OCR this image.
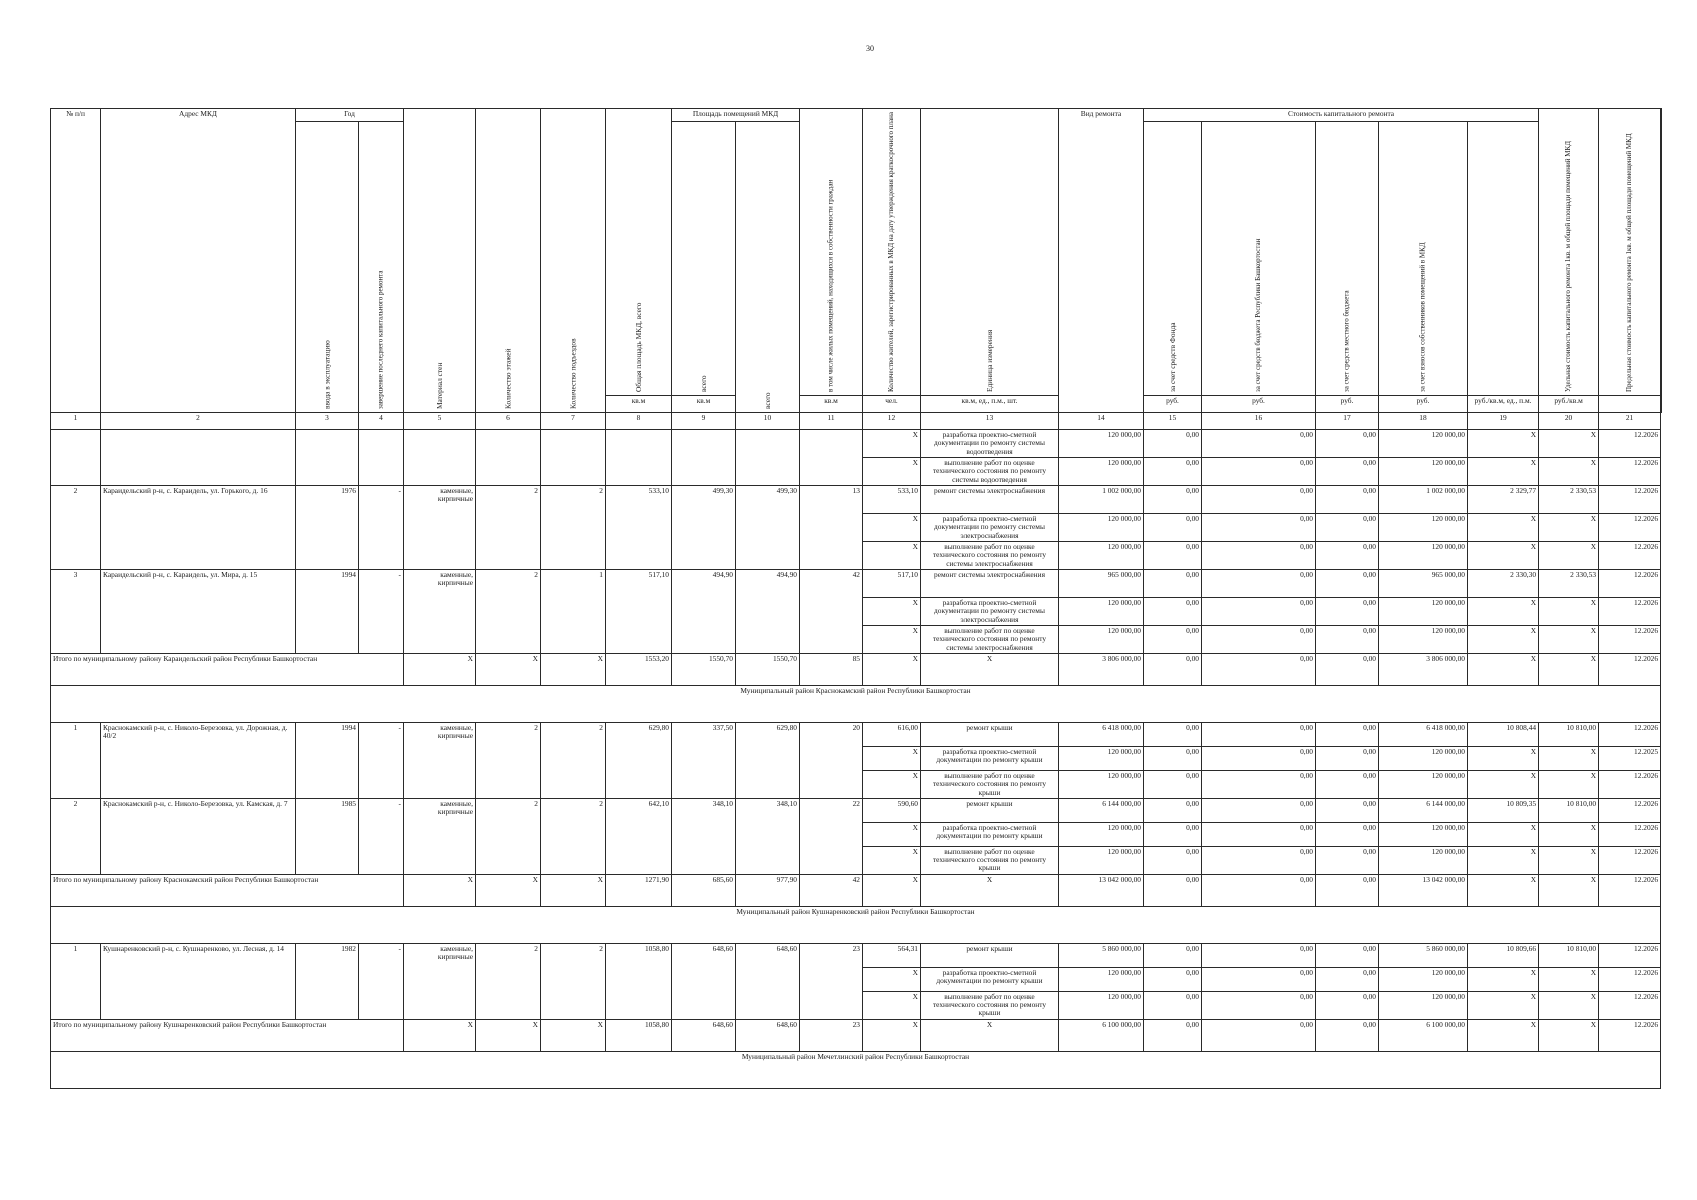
30
№ п/п	Адрес МКД	Год		Материал стен	Количество этажей	Количество подъездов	Общая площадь МКД, всего	Площадь помещений МКД		в том числе жилых помещений, находящихся в собственности граждан	Количество жителей, зарегистрированных в МКД на дату утверждения краткосрочного плана	Единица измерения	Вид ремонта	Стоимость капитального ремонта					Удельная стоимость капитального ремонта 1кв. м общей площади помещений МКД	Предельная стоимость капитального ремонта 1кв. м общей площади помещений МКД	
		ввода в эксплуатацию	завершение последнего капитального ремонта					всего	всего					за счет средств Фонда	за счет средств бюджета Республики Башкортостан	за счет средств местного бюджета	за счет взносов собственников помещений в МКД				
							кв.м	кв.м		кв.м	чел.	кв.м, ед., п.м., шт.		руб.	руб.	руб.	руб.	руб./кв.м, ед., п.м.	руб./кв.м		
1	2	3	4	5	6	7	8	9	10	11	12	13	14	15	16	17	18	19	20	21	
											X	разработка проектно-сметной документации по ремонту системы водоотведения	120 000,00	0,00	0,00	0,00	120 000,00	X	X	12.2026	
											X	выполнение работ по оценке технического состояния по ремонту системы водоотведения	120 000,00	0,00	0,00	0,00	120 000,00	X	X	12.2026	
2	Караидельский р-н, с. Караидель, ул. Горького, д. 16	1976	-	каменные, кирпичные	2	2	533,10	499,30	499,30	13	533,10	ремонт системы электроснабжения	1 002 000,00	0,00	0,00	0,00	1 002 000,00	2 329,77	2 330,53	12.2026	
											X	разработка проектно-сметной документации по ремонту системы электроснабжения	120 000,00	0,00	0,00	0,00	120 000,00	X	X	12.2026	
											X	выполнение работ по оценке технического состояния по ремонту системы электроснабжения	120 000,00	0,00	0,00	0,00	120 000,00	X	X	12.2026	
3	Караидельский р-н, с. Караидель, ул. Мира, д. 15	1994	-	каменные, кирпичные	2	1	517,10	494,90	494,90	42	517,10	ремонт системы электроснабжения	965 000,00	0,00	0,00	0,00	965 000,00	2 330,30	2 330,53	12.2026	
											X	разработка проектно-сметной документации по ремонту системы электроснабжения	120 000,00	0,00	0,00	0,00	120 000,00	X	X	12.2026	
											X	выполнение работ по оценке технического состояния по ремонту системы электроснабжения	120 000,00	0,00	0,00	0,00	120 000,00	X	X	12.2026	
Итого по муниципальному району Караидельский район Республики Башкортостан				X	X	X	1553,20	1550,70	1550,70	85	X	X	3 806 000,00	0,00	0,00	0,00	3 806 000,00	X	X	12.2026	
Муниципальный район Краснокамский район Республики Башкортостан																					
1	Краснокамский р-н, с. Николо-Березовка, ул. Дорожная, д. 40/2	1994	-	каменные, кирпичные	2	2	629,80	337,50	629,80	20	616,00	ремонт крыши	6 418 000,00	0,00	0,00	0,00	6 418 000,00	10 808,44	10 810,00	12.2026	
											X	разработка проектно-сметной документации по ремонту крыши	120 000,00	0,00	0,00	0,00	120 000,00	X	X	12.2025	
											X	выполнение работ по оценке технического состояния по ремонту крыши	120 000,00	0,00	0,00	0,00	120 000,00	X	X	12.2026	
2	Краснокамский р-н, с. Николо-Березовка, ул. Камская, д. 7	1985	-	каменные, кирпичные	2	2	642,10	348,10	348,10	22	590,60	ремонт крыши	6 144 000,00	0,00	0,00	0,00	6 144 000,00	10 809,35	10 810,00	12.2026	
											X	разработка проектно-сметной документации по ремонту крыши	120 000,00	0,00	0,00	0,00	120 000,00	X	X	12.2026	
											X	выполнение работ по оценке технического состояния по ремонту крыши	120 000,00	0,00	0,00	0,00	120 000,00	X	X	12.2026	
Итого по муниципальному району Краснокамский район Республики Башкортостан				X	X	X	1271,90	685,60	977,90	42	X	X	13 042 000,00	0,00	0,00	0,00	13 042 000,00	X	X	12.2026	
Муниципальный район Кушнаренковский район Республики Башкортостан																					
1	Кушнаренковский р-н, с. Кушнаренково, ул. Лесная, д. 14	1982	-	каменные, кирпичные	2	2	1058,80	648,60	648,60	23	564,31	ремонт крыши	5 860 000,00	0,00	0,00	0,00	5 860 000,00	10 809,66	10 810,00	12.2026	
											X	разработка проектно-сметной документации по ремонту крыши	120 000,00	0,00	0,00	0,00	120 000,00	X	X	12.2026	
											X	выполнение работ по оценке технического состояния по ремонту крыши	120 000,00	0,00	0,00	0,00	120 000,00	X	X	12.2026	
Итого по муниципальному району Кушнаренковский район Республики Башкортостан				X	X	X	1058,80	648,60	648,60	23	X	X	6 100 000,00	0,00	0,00	0,00	6 100 000,00	X	X	12.2026	
Муниципальный район Мечетлинский район Республики Башкортостан																					
